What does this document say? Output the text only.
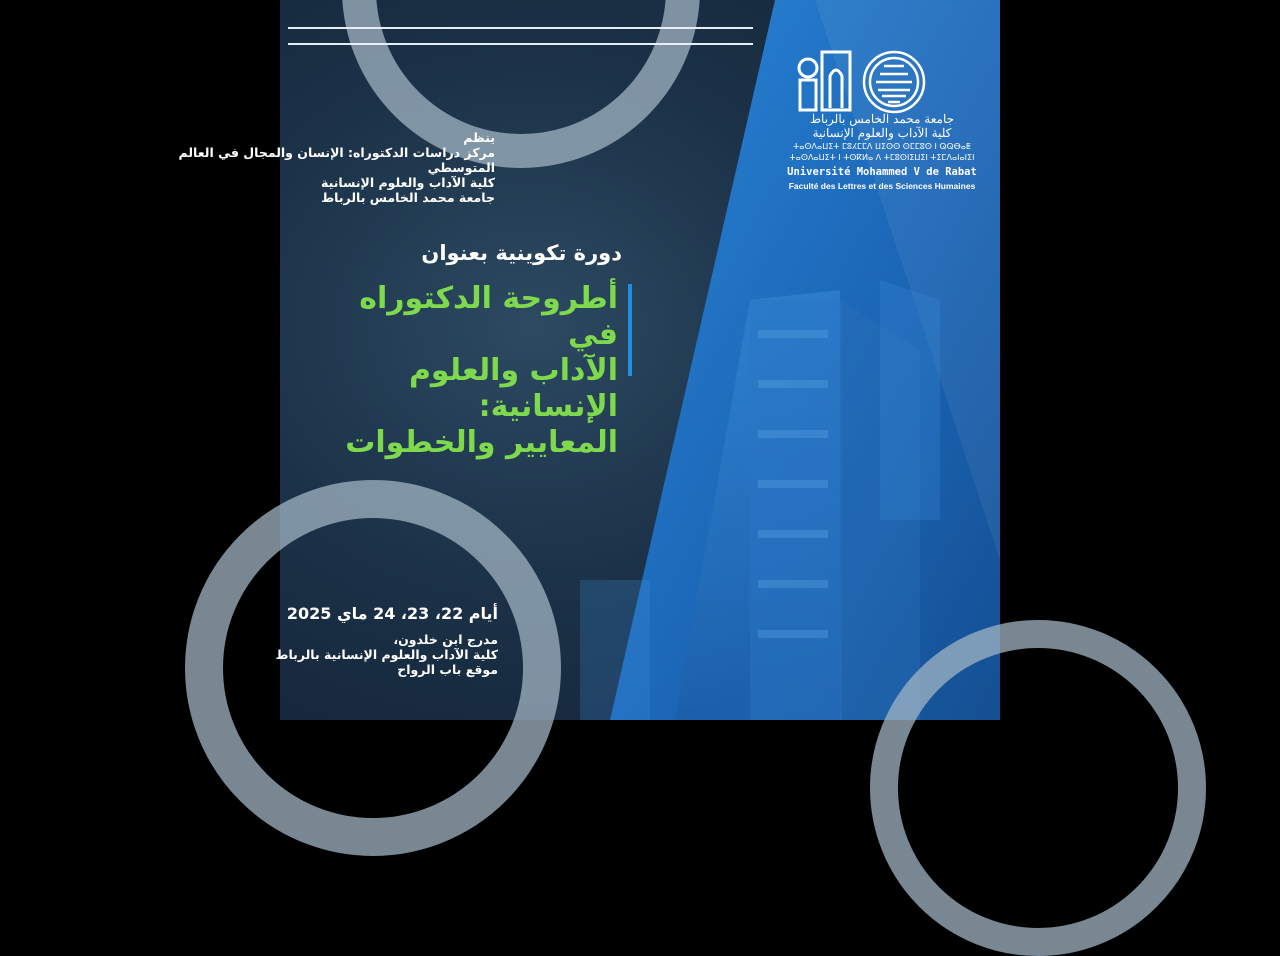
ينظم
مركز دراسات الدكتوراه: الإنسان والمجال في العالم المتوسطي
كلية الآداب والعلوم الإنسانية
جامعة محمد الخامس بالرباط
دورة تكوينية بعنوان
أطروحة الدكتوراه في
الآداب والعلوم الإنسانية:
المعايير والخطوات
أيام 22، 23، 24 ماي 2025
مدرج ابن خلدون،
كلية الآداب والعلوم الإنسانية بالرباط
موقع باب الرواح
جامعة محمد الخامس بالرباط
كلية الآداب والعلوم الإنسانية
ⵜⴰⵙⴷⴰⵡⵉⵜ ⵎⵓⵃⵎⵎⴷ ⵡⵉⵙⵙ ⵙⵎⵎⵓⵙ ⵏ ⵕⵕⴱⴰⵟ
ⵜⴰⵙⴷⴰⵡⵉⵜ ⵏ ⵜⵙⴽⵍⴰ ⴷ ⵜⵎⵓⵙⵏⵉⵡⵉⵏ ⵜⵉⵎⴷⴰⵏⴰⵏⵉⵏ
Université Mohammed V de Rabat
Faculté des Lettres et des Sciences Humaines
